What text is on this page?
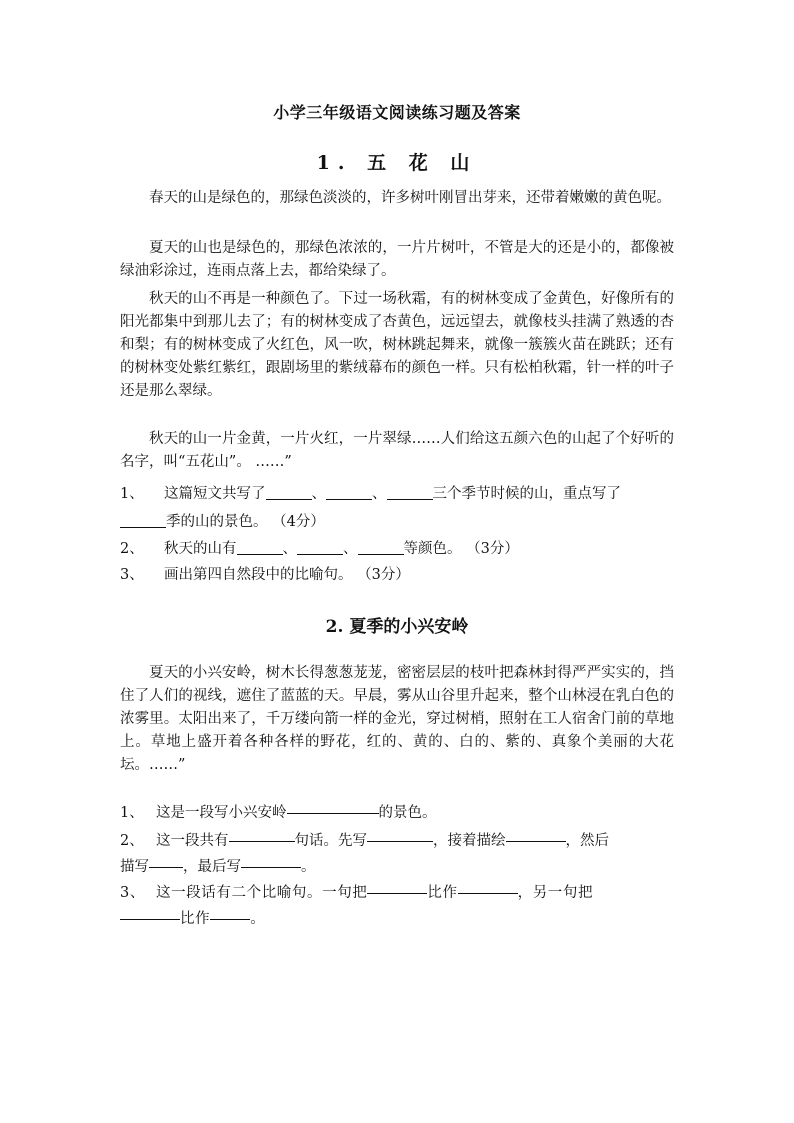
小学三年级语文阅读练习题及答案
1. 五 花 山

春天的山是绿色的，那绿色淡淡的，许多树叶刚冒出芽来，还带着嫩嫩的黄色呢。

夏天的山也是绿色的，那绿色浓浓的，一片片树叶，不管是大的还是小的，都像被绿油彩涂过，连雨点落上去，都给染绿了。

秋天的山不再是一种颜色了。下过一场秋霜，有的树林变成了金黄色，好像所有的阳光都集中到那儿去了；有的树林变成了杏黄色，远远望去，就像枝头挂满了熟透的杏和梨；有的树林变成了火红色，风一吹，树林跳起舞来，就像一簇簇火苗在跳跃；还有的树林变处紫红紫红，跟剧场里的紫绒幕布的颜色一样。只有松柏秋霜，针一样的叶子还是那么翠绿。

秋天的山一片金黄，一片火红，一片翠绿……人们给这五颜六色的山起了个好听的名字，叫“五花山”。 ……”

1、 这篇短文共写了	、	、	三个季节时候的山，重点写了
季的山的景色。 （4分）

2、 秋天的山有	、	、	等颜色。 （3分）

3、 画出第四自然段中的比喻句。 （3分）

2. 夏季的小兴安岭

夏天的小兴安岭，树木长得葱葱茏茏，密密层层的枝叶把森林封得严严实实的，挡住了人们的视线，遮住了蓝蓝的天。早晨，雾从山谷里升起来，整个山林浸在乳白色的浓雾里。太阳出来了，千万缕向箭一样的金光，穿过树梢，照射在工人宿舍门前的草地上。草地上盛开着各种各样的野花，红的、黄的、白的、紫的、真象个美丽的大花坛。……”

1、 这是一段写小兴安岭	的景色。

2、 这一段共有	句话。先写	，接着描绘	，然后
描写 ，最后写	。

3、 这一段话有二个比喻句。一句把	比作	，另一句把
比作	。
